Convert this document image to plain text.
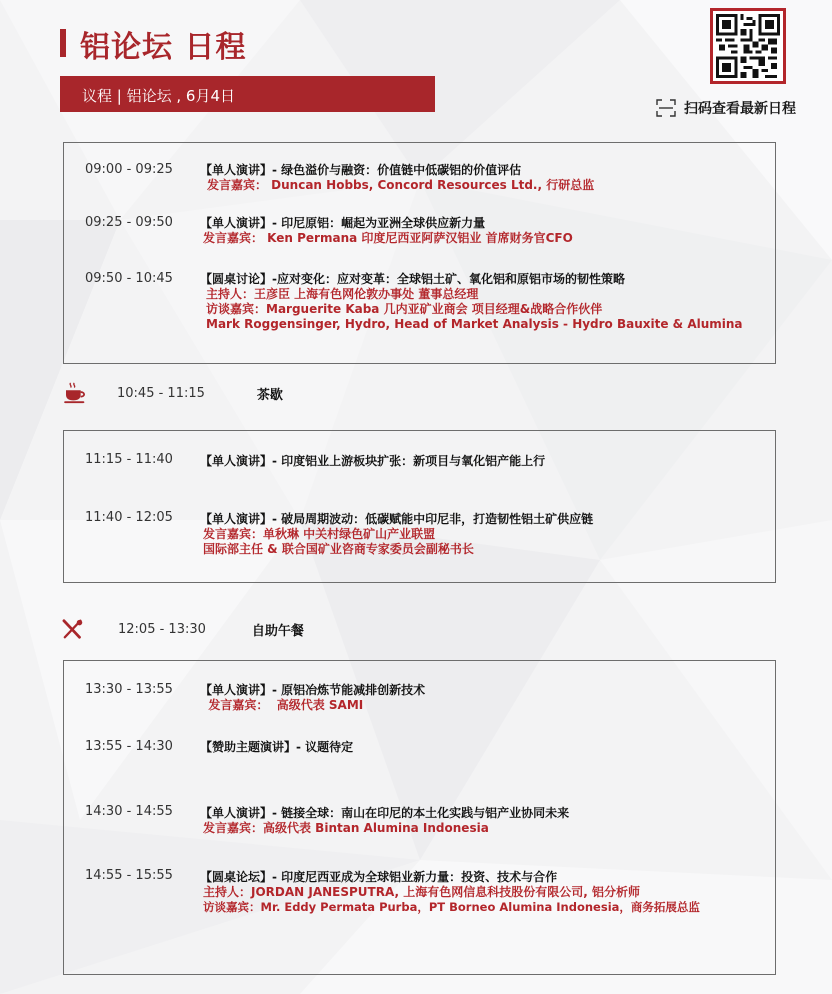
铝论坛 日程
议程 | 铝论坛 , 6月4日
扫码查看最新日程
09:00 - 09:25 【单人演讲】- 绿色溢价与融资：价值链中低碳铝的价值评估
发言嘉宾： Duncan Hobbs, Concord Resources Ltd., 行研总监
09:25 - 09:50 【单人演讲】- 印尼原铝：崛起为亚洲全球供应新力量
发言嘉宾： Ken Permana 印度尼西亚阿萨汉铝业 首席财务官CFO
09:50 - 10:45 【圆桌讨论】-应对变化：应对变革：全球铝土矿、氧化铝和原铝市场的韧性策略
主持人：王彦臣 上海有色网伦敦办事处 董事总经理
访谈嘉宾：Marguerite Kaba 几内亚矿业商会 项目经理&战略合作伙伴
Mark Roggensinger, Hydro, Head of Market Analysis - Hydro Bauxite & Alumina
10:45 - 11:15	茶歇
11:15 - 11:40 【单人演讲】- 印度铝业上游板块扩张：新项目与氧化铝产能上行
11:40 - 12:05 【单人演讲】- 破局周期波动：低碳赋能中印尼非，打造韧性铝土矿供应链
发言嘉宾：单秋琳 中关村绿色矿山产业联盟
国际部主任 & 联合国矿业咨商专家委员会副秘书长
12:05 - 13:30	自助午餐
13:30 - 13:55 【单人演讲】- 原铝冶炼节能减排创新技术
发言嘉宾：  高级代表 SAMI
13:55 - 14:30 【赞助主题演讲】- 议题待定
14:30 - 14:55 【单人演讲】- 链接全球：南山在印尼的本土化实践与铝产业协同未来
发言嘉宾：高级代表 Bintan Alumina Indonesia
14:55 - 15:55 【圆桌论坛】- 印度尼西亚成为全球铝业新力量：投资、技术与合作
主持人：JORDAN JANESPUTRA, 上海有色网信息科技股份有限公司, 铝分析师
访谈嘉宾：Mr. Eddy Permata Purba，PT Borneo Alumina Indonesia，商务拓展总监
